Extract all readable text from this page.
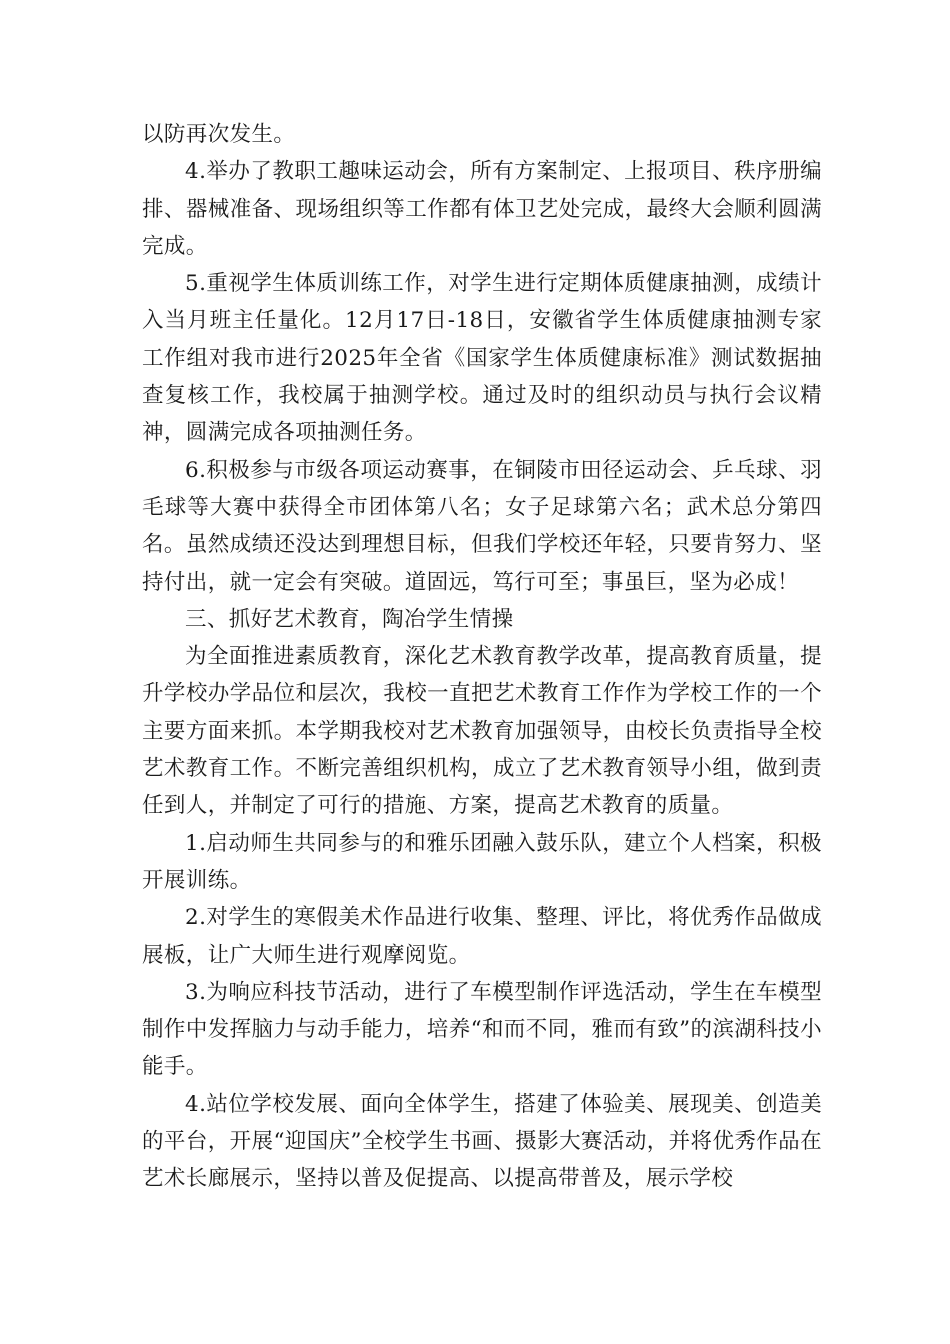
以防再次发生。

4.举办了教职工趣味运动会，所有方案制定、上报项目、秩序册编排、器械准备、现场组织等工作都有体卫艺处完成，最终大会顺利圆满完成。

5.重视学生体质训练工作，对学生进行定期体质健康抽测，成绩计入当月班主任量化。12月17日-18日，安徽省学生体质健康抽测专家工作组对我市进行2025年全省《国家学生体质健康标准》测试数据抽查复核工作，我校属于抽测学校。通过及时的组织动员与执行会议精神，圆满完成各项抽测任务。

6.积极参与市级各项运动赛事，在铜陵市田径运动会、乒乓球、羽毛球等大赛中获得全市团体第八名；女子足球第六名；武术总分第四名。虽然成绩还没达到理想目标，但我们学校还年轻，只要肯努力、坚持付出，就一定会有突破。道固远，笃行可至；事虽巨，坚为必成！

三、抓好艺术教育，陶冶学生情操

为全面推进素质教育，深化艺术教育教学改革，提高教育质量，提升学校办学品位和层次，我校一直把艺术教育工作作为学校工作的一个主要方面来抓。本学期我校对艺术教育加强领导，由校长负责指导全校艺术教育工作。不断完善组织机构，成立了艺术教育领导小组，做到责任到人，并制定了可行的措施、方案，提高艺术教育的质量。

1.启动师生共同参与的和雅乐团融入鼓乐队，建立个人档案，积极开展训练。

2.对学生的寒假美术作品进行收集、整理、评比，将优秀作品做成展板，让广大师生进行观摩阅览。

3.为响应科技节活动，进行了车模型制作评选活动，学生在车模型制作中发挥脑力与动手能力，培养“和而不同，雅而有致”的滨湖科技小能手。

4.站位学校发展、面向全体学生，搭建了体验美、展现美、创造美的平台，开展“迎国庆”全校学生书画、摄影大赛活动，并将优秀作品在艺术长廊展示，坚持以普及促提高、以提高带普及，展示学校
